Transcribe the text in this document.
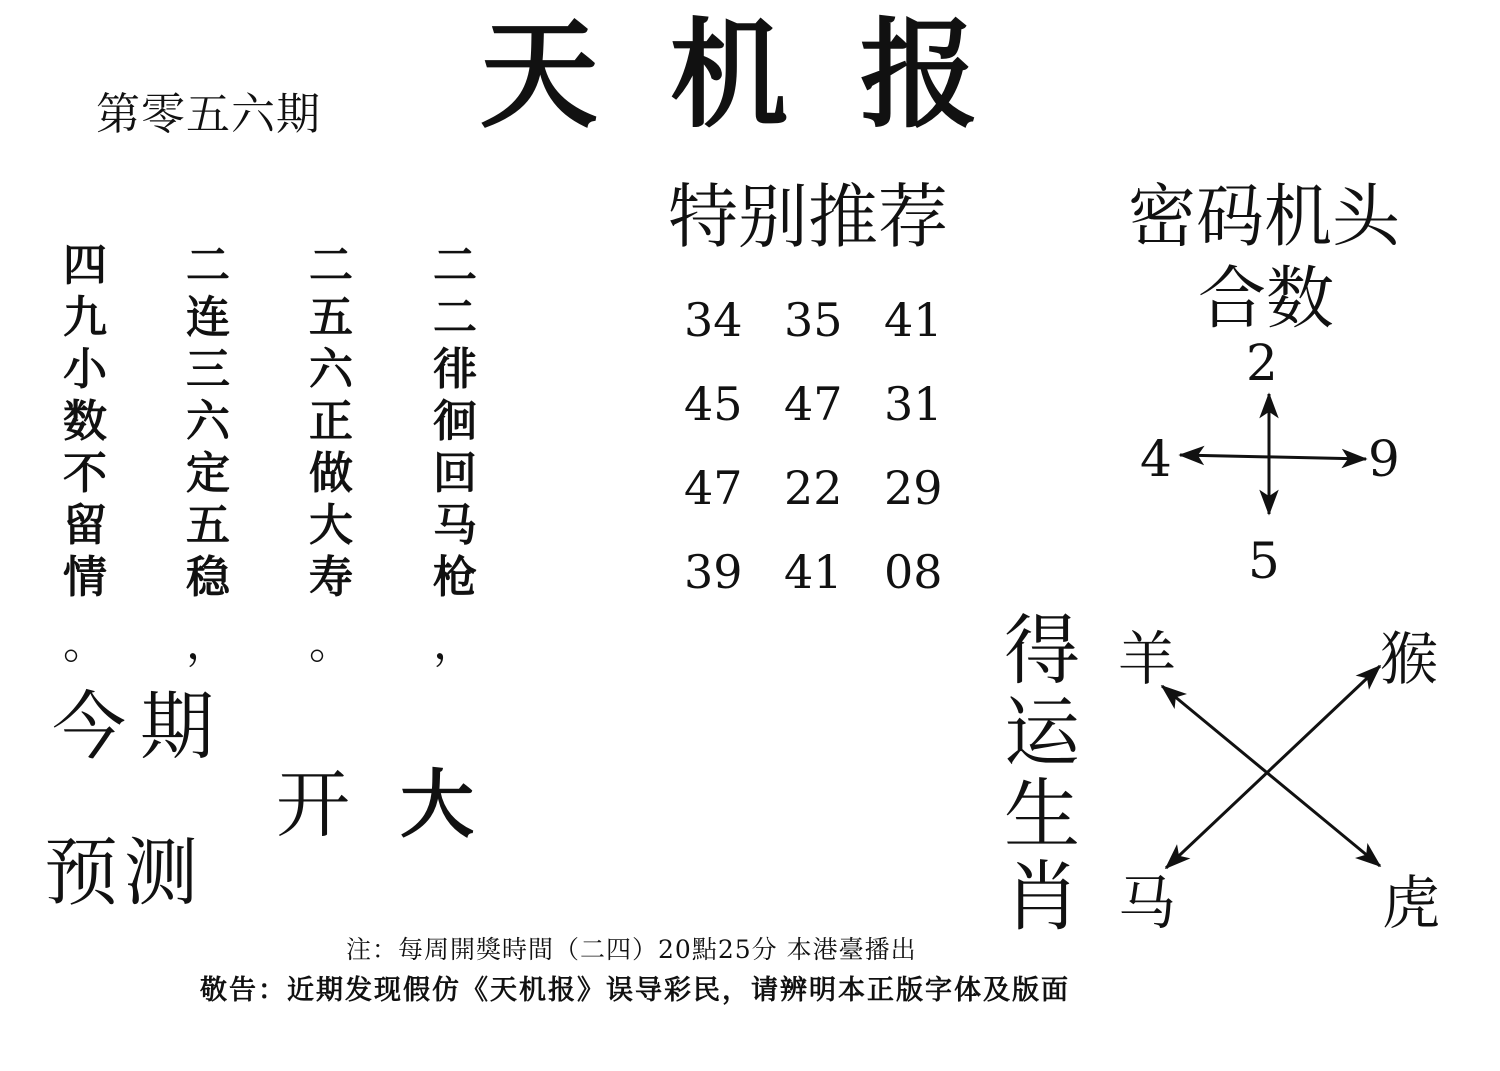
第零五六期 天机报
四
九
小
数
不
留
情
。
二
连
三
六
定
五
稳
，
二
五
六
正
做
大
寿
。
二
二
徘
徊
回
马
枪
，
今期
开 大
预测
特别推荐
34 35 41
45 47 31
47 22 29
39 41 08
密码机头
合数
2
4	9
5
得
运
生
肖
羊	猴
马	虎
注：每周開獎時間（二四）20點25分 本港臺播出
敬告：近期发现假仿《天机报》误导彩民，请辨明本正版字体及版面
